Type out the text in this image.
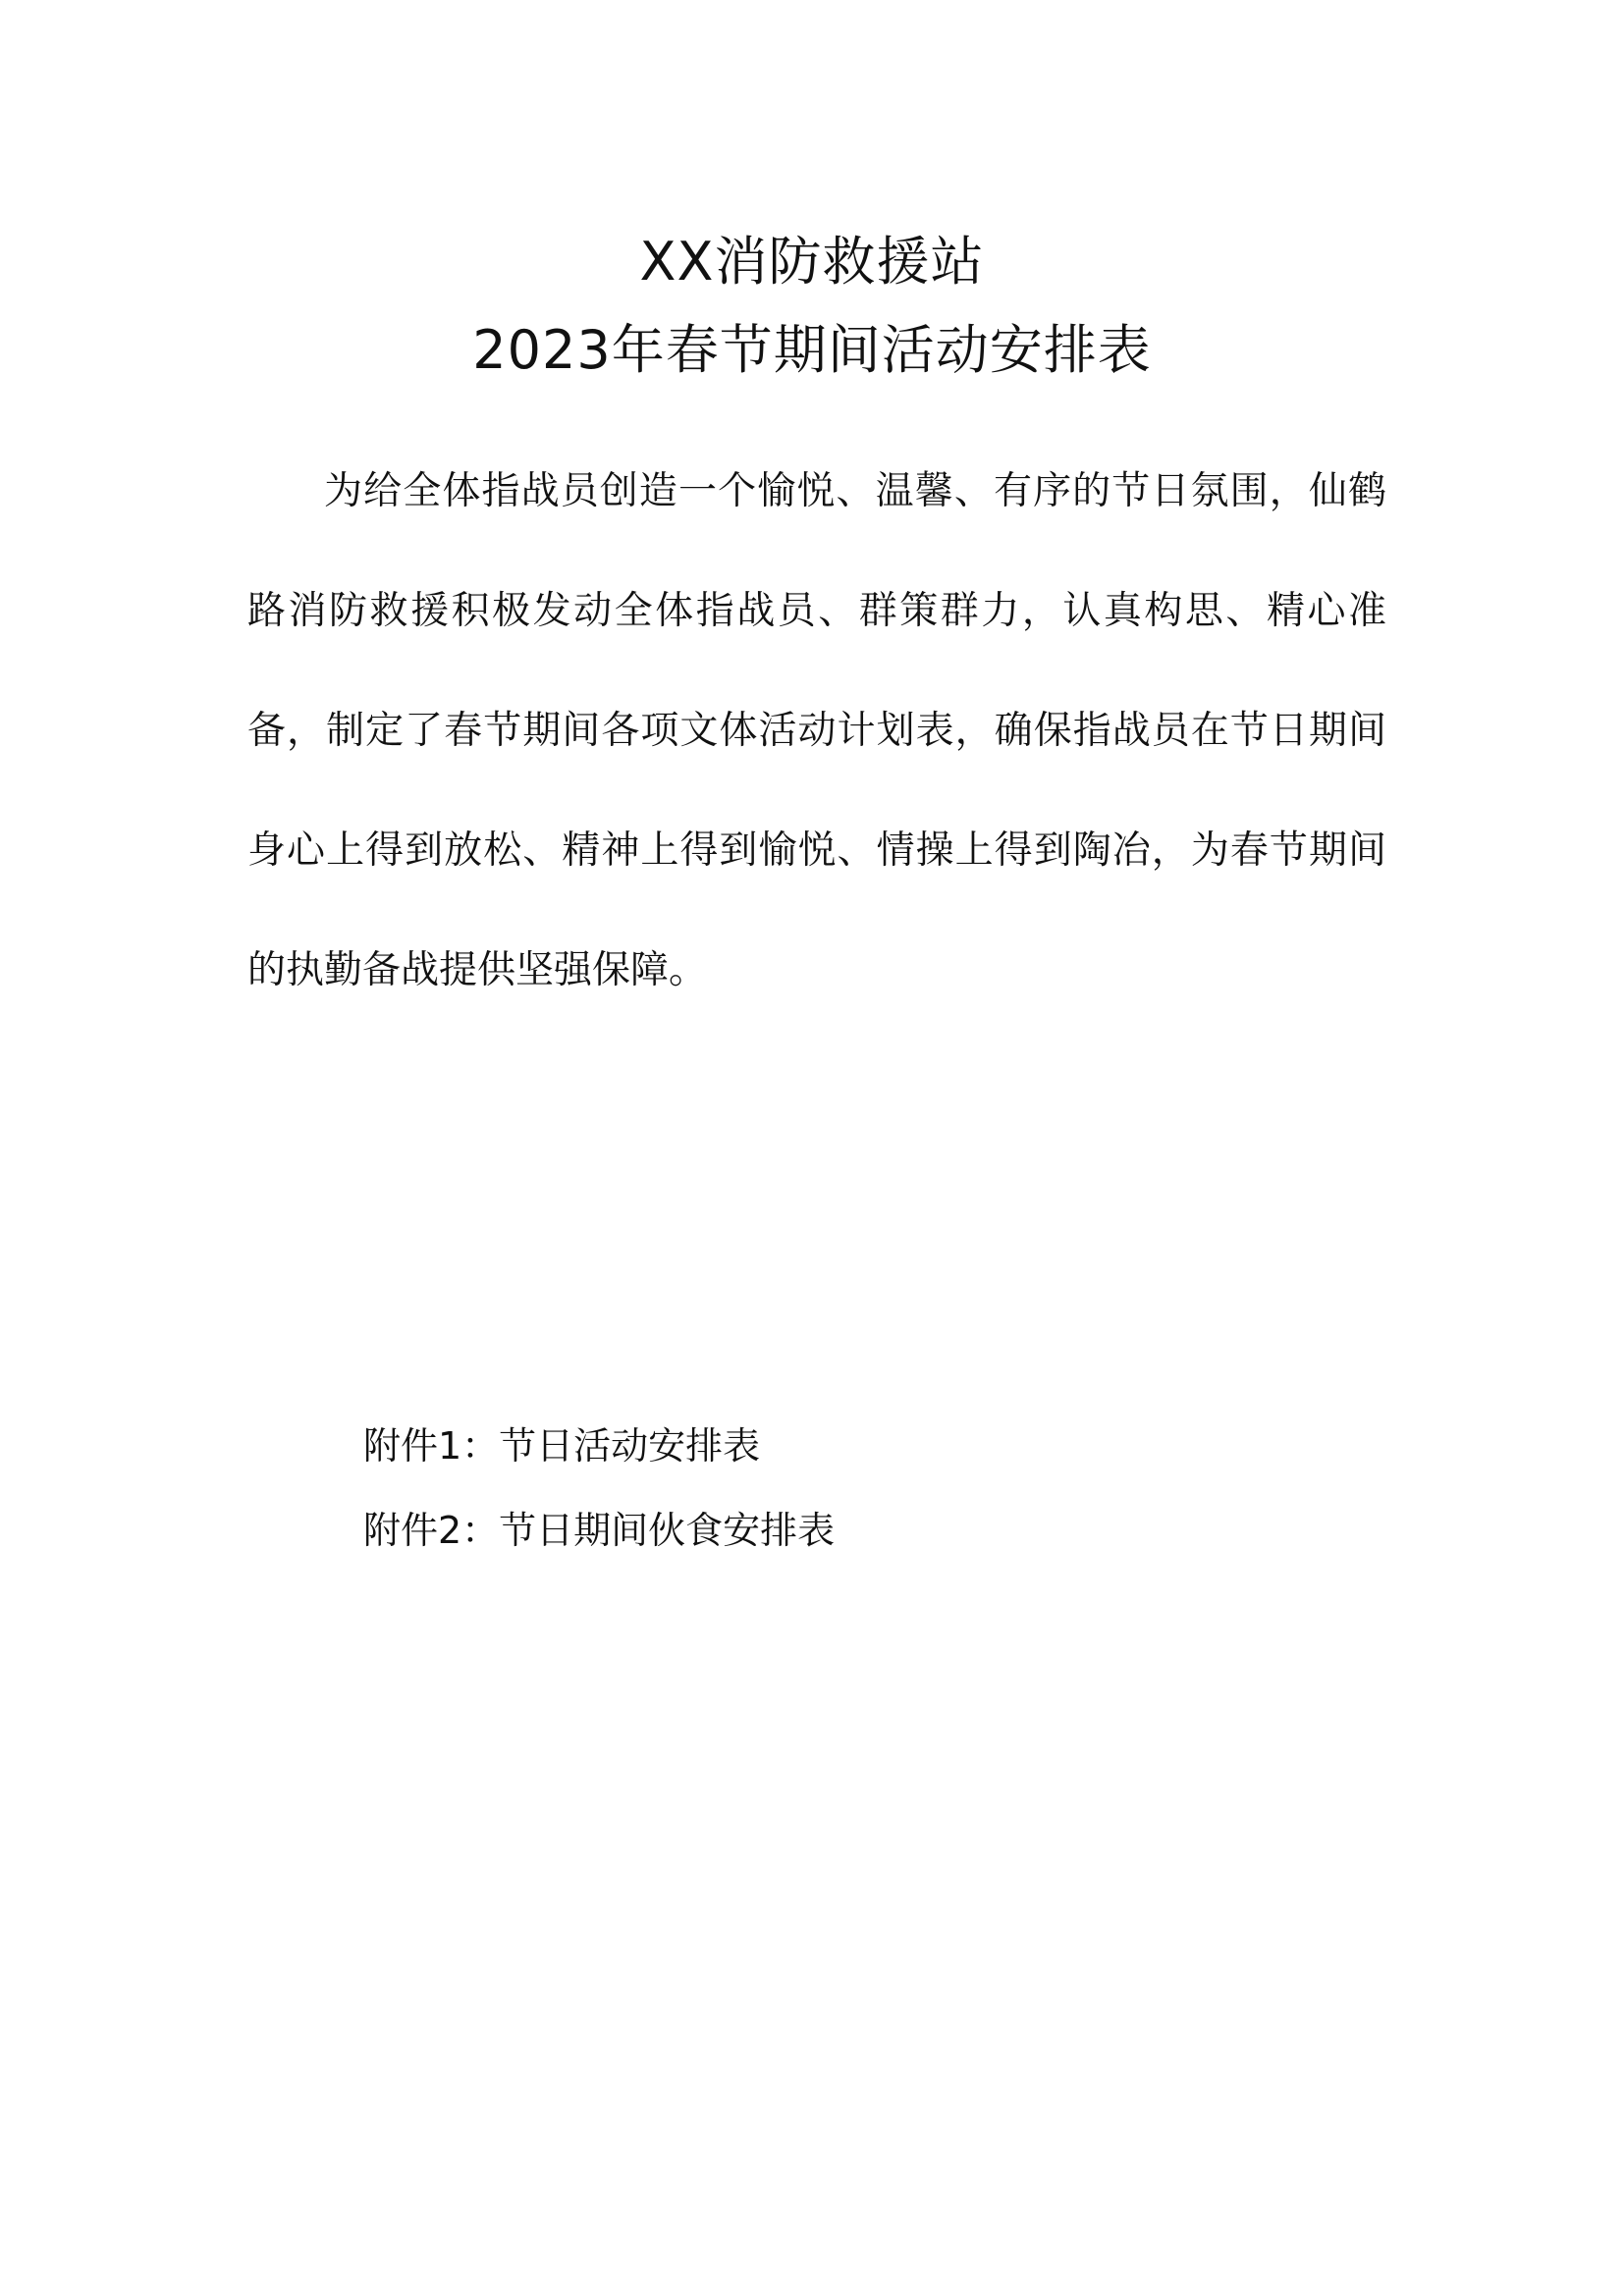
XX消防救援站
2023年春节期间活动安排表

为给全体指战员创造一个愉悦、温馨、有序的节日氛围，仙鹤路消防救援积极发动全体指战员、群策群力，认真构思、精心准备，制定了春节期间各项文体活动计划表，确保指战员在节日期间身心上得到放松、精神上得到愉悦、情操上得到陶冶，为春节期间的执勤备战提供坚强保障。

附件1：节日活动安排表
附件2：节日期间伙食安排表
